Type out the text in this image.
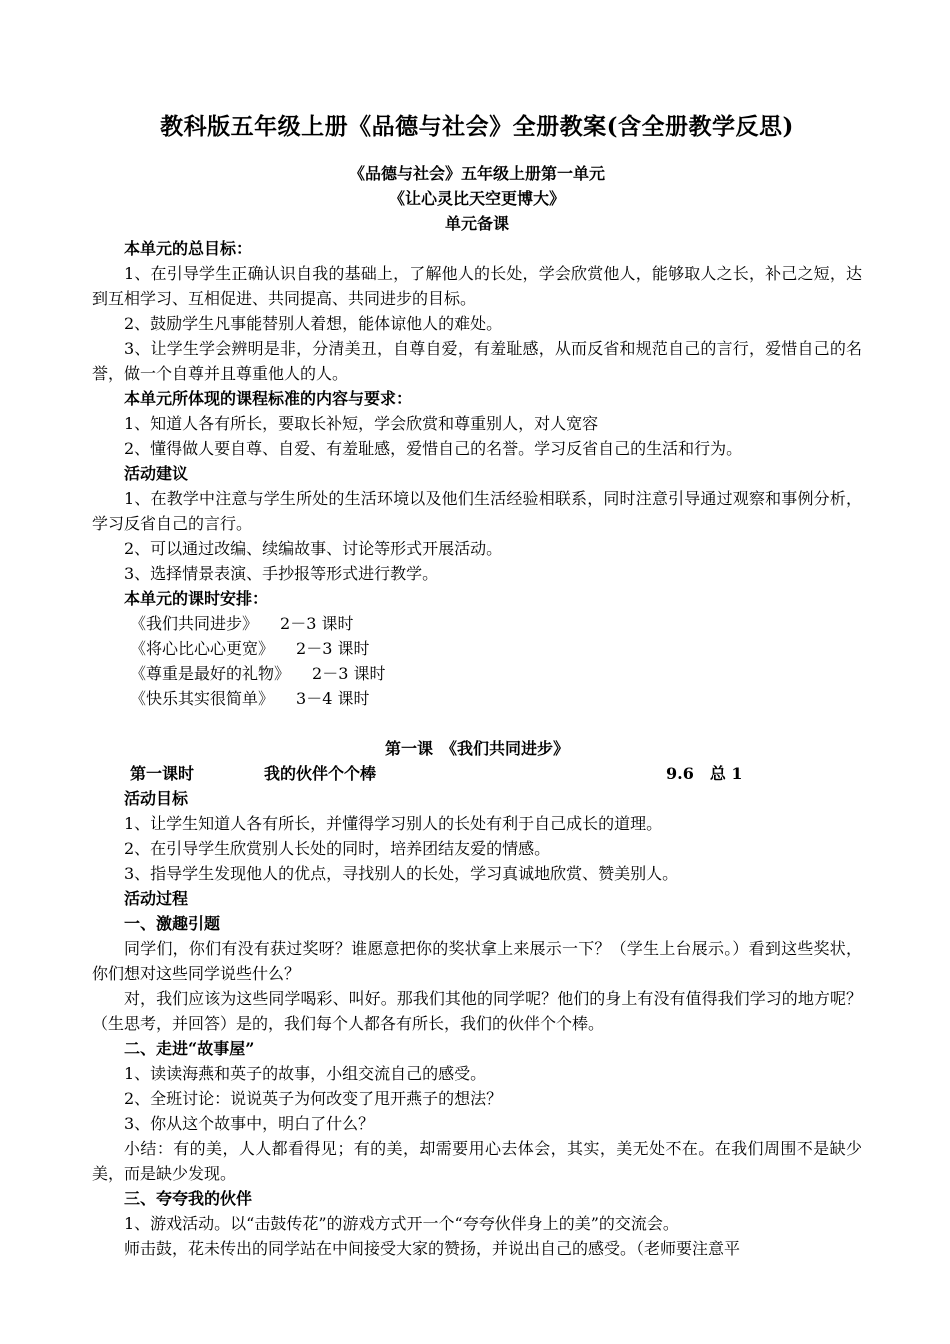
教科版五年级上册《品德与社会》全册教案(含全册教学反思)
《品德与社会》五年级上册第一单元
《让心灵比天空更博大》
单元备课
本单元的总目标：
1、在引导学生正确认识自我的基础上，了解他人的长处，学会欣赏他人，能够取人之长，补己之短，达到互相学习、互相促进、共同提高、共同进步的目标。
2、鼓励学生凡事能替别人着想，能体谅他人的难处。
3、让学生学会辨明是非，分清美丑，自尊自爱，有羞耻感，从而反省和规范自己的言行，爱惜自己的名誉，做一个自尊并且尊重他人的人。
本单元所体现的课程标准的内容与要求：
1、知道人各有所长，要取长补短，学会欣赏和尊重别人，对人宽容
2、懂得做人要自尊、自爱、有羞耻感，爱惜自己的名誉。学习反省自己的生活和行为。
活动建议
1、在教学中注意与学生所处的生活环境以及他们生活经验相联系，同时注意引导通过观察和事例分析，学习反省自己的言行。
2、可以通过改编、续编故事、讨论等形式开展活动。
3、选择情景表演、手抄报等形式进行教学。
本单元的课时安排：
《我们共同进步》 2－3 课时
《将心比心心更宽》 2－3 课时
《尊重是最好的礼物》 2－3 课时
《快乐其实很简单》 3－4 课时
第一课　《我们共同进步》
第一课时	我的伙伴个个棒	9.6　总 1
活动目标
1、让学生知道人各有所长，并懂得学习别人的长处有利于自己成长的道理。
2、在引导学生欣赏别人长处的同时，培养团结友爱的情感。
3、指导学生发现他人的优点，寻找别人的长处，学习真诚地欣赏、赞美别人。
活动过程
一、激趣引题
同学们，你们有没有获过奖呀？谁愿意把你的奖状拿上来展示一下？（学生上台展示。）看到这些奖状，你们想对这些同学说些什么？
对，我们应该为这些同学喝彩、叫好。那我们其他的同学呢？他们的身上有没有值得我们学习的地方呢？（生思考，并回答）是的，我们每个人都各有所长，我们的伙伴个个棒。
二、走进“故事屋”
1、读读海燕和英子的故事，小组交流自己的感受。
2、全班讨论：说说英子为何改变了甩开燕子的想法？
3、你从这个故事中，明白了什么？
小结：有的美，人人都看得见；有的美，却需要用心去体会，其实，美无处不在。在我们周围不是缺少美，而是缺少发现。
三、夸夸我的伙伴
1、游戏活动。以“击鼓传花”的游戏方式开一个“夸夸伙伴身上的美”的交流会。
师击鼓，花未传出的同学站在中间接受大家的赞扬，并说出自己的感受。（老师要注意平
